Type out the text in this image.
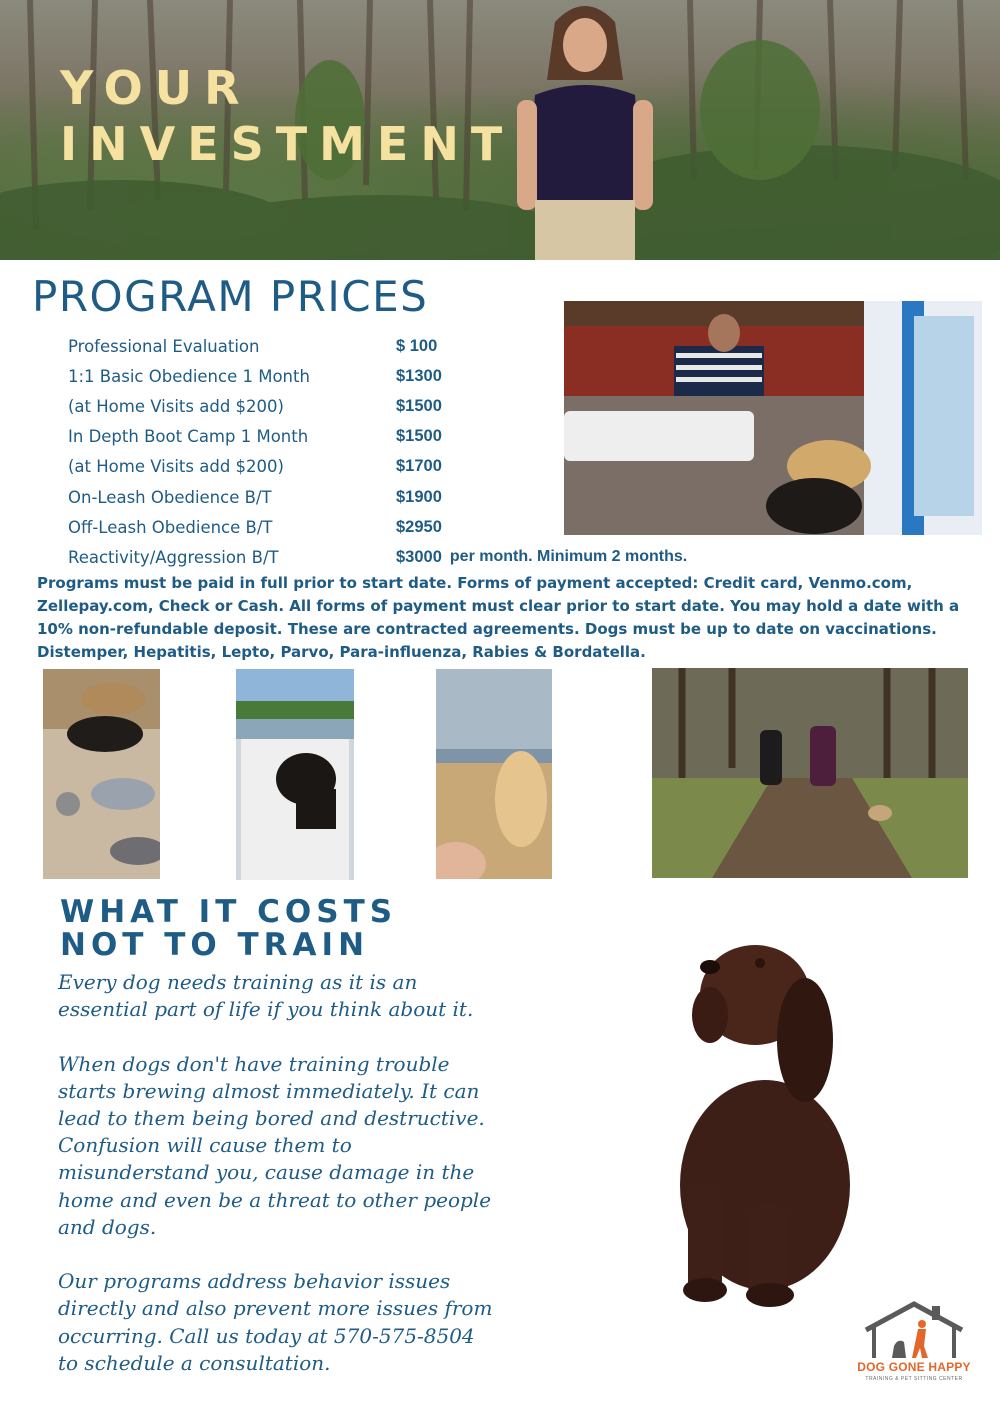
YOUR
INVESTMENT
PROGRAM PRICES
Professional Evaluation	$ 100
1:1 Basic Obedience 1 Month	$1300
(at Home Visits add $200)	$1500
In Depth Boot Camp 1 Month	$1500
(at Home Visits add $200)	$1700
On-Leash Obedience B/T	$1900
Off-Leash Obedience B/T	$2950
Reactivity/Aggression B/T	$3000 per month. Minimum 2 months.
Programs must be paid in full prior to start date. Forms of payment accepted: Credit card, Venmo.com, Zellepay.com, Check or Cash. All forms of payment must clear prior to start date. You may hold a date with a 10% non-refundable deposit. These are contracted agreements. Dogs must be up to date on vaccinations. Distemper, Hepatitis, Lepto, Parvo, Para-influenza, Rabies & Bordatella.
WHAT IT COSTS
NOT TO TRAIN

Every dog needs training as it is an essential part of life if you think about it.

When dogs don't have training trouble starts brewing almost immediately. It can lead to them being bored and destructive. Confusion will cause them to misunderstand you, cause damage in the home and even be a threat to other people and dogs.

Our programs address behavior issues directly and also prevent more issues from occurring. Call us today at 570-575-8504 to schedule a consultation.	DOG GONE HAPPY
TRAINING & PET SITTING CENTER
